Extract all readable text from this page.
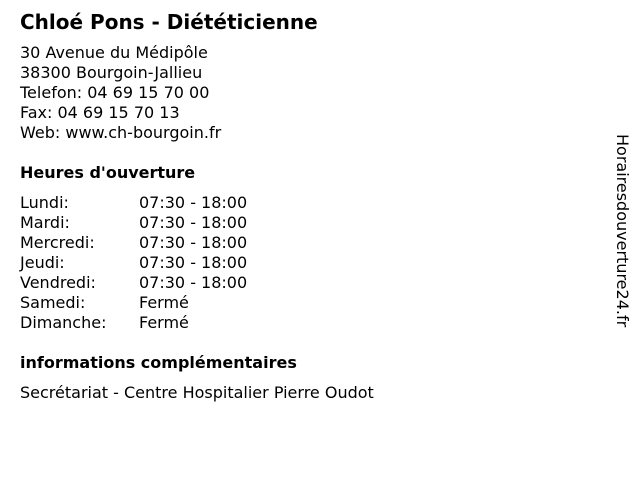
Chloé Pons - Diététicienne
30 Avenue du Médipôle
38300 Bourgoin-Jallieu
Telefon: 04 69 15 70 00
Fax: 04 69 15 70 13
Web: www.ch-bourgoin.fr
Heures d'ouverture
Lundi:	07:30 - 18:00
Mardi:	07:30 - 18:00
Mercredi:	07:30 - 18:00
Jeudi:	07:30 - 18:00
Vendredi:	07:30 - 18:00
Samedi:	Fermé
Dimanche: Fermé
informations complémentaires
Secrétariat - Centre Hospitalier Pierre Oudot
Horairesdouverture24.fr
